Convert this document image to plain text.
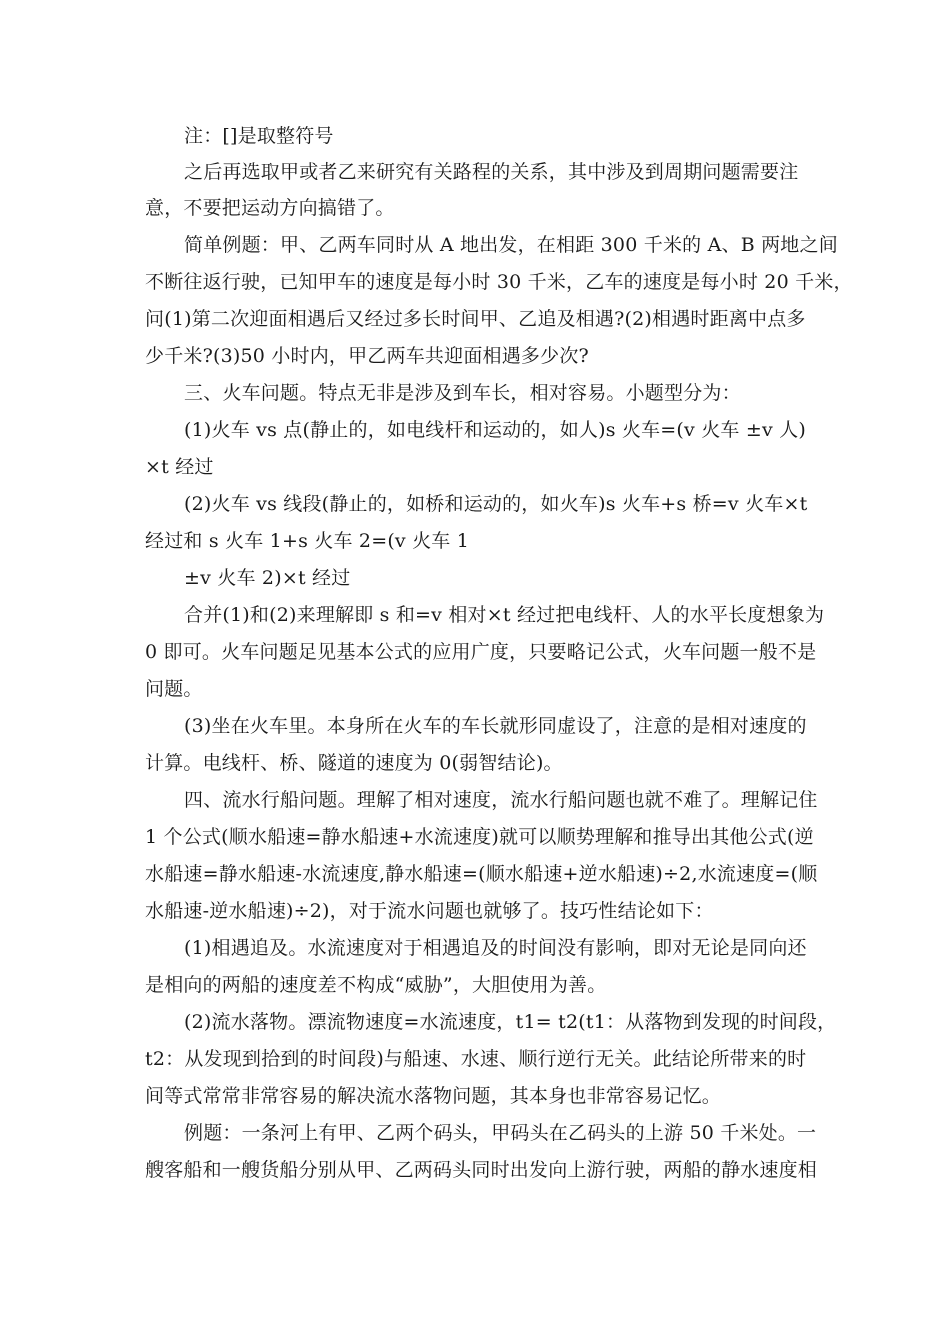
注：[]是取整符号
之后再选取甲或者乙来研究有关路程的关系，其中涉及到周期问题需要注
意，不要把运动方向搞错了。
简单例题：甲、乙两车同时从 A 地出发，在相距 300 千米的 A、B 两地之间
不断往返行驶，已知甲车的速度是每小时 30 千米，乙车的速度是每小时 20 千米，
问(1)第二次迎面相遇后又经过多长时间甲、乙追及相遇?(2)相遇时距离中点多
少千米?(3)50 小时内，甲乙两车共迎面相遇多少次?
三、火车问题。特点无非是涉及到车长，相对容易。小题型分为：
(1)火车 vs 点(静止的，如电线杆和运动的，如人)s 火车=(v 火车 ±v 人)
×t 经过
(2)火车 vs 线段(静止的，如桥和运动的，如火车)s 火车+s 桥=v 火车×t
经过和 s 火车 1+s 火车 2=(v 火车 1
±v 火车 2)×t 经过
合并(1)和(2)来理解即 s 和=v 相对×t 经过把电线杆、人的水平长度想象为
0 即可。火车问题足见基本公式的应用广度，只要略记公式，火车问题一般不是
问题。
(3)坐在火车里。本身所在火车的车长就形同虚设了，注意的是相对速度的
计算。电线杆、桥、隧道的速度为 0(弱智结论)。
四、流水行船问题。理解了相对速度，流水行船问题也就不难了。理解记住
1 个公式(顺水船速=静水船速+水流速度)就可以顺势理解和推导出其他公式(逆
水船速=静水船速-水流速度,静水船速=(顺水船速+逆水船速)÷2,水流速度=(顺
水船速-逆水船速)÷2)，对于流水问题也就够了。技巧性结论如下：
(1)相遇追及。水流速度对于相遇追及的时间没有影响，即对无论是同向还
是相向的两船的速度差不构成“威胁”，大胆使用为善。
(2)流水落物。漂流物速度=水流速度，t1= t2(t1：从落物到发现的时间段，
t2：从发现到拾到的时间段)与船速、水速、顺行逆行无关。此结论所带来的时
间等式常常非常容易的解决流水落物问题，其本身也非常容易记忆。
例题：一条河上有甲、乙两个码头，甲码头在乙码头的上游 50 千米处。一
艘客船和一艘货船分别从甲、乙两码头同时出发向上游行驶，两船的静水速度相
